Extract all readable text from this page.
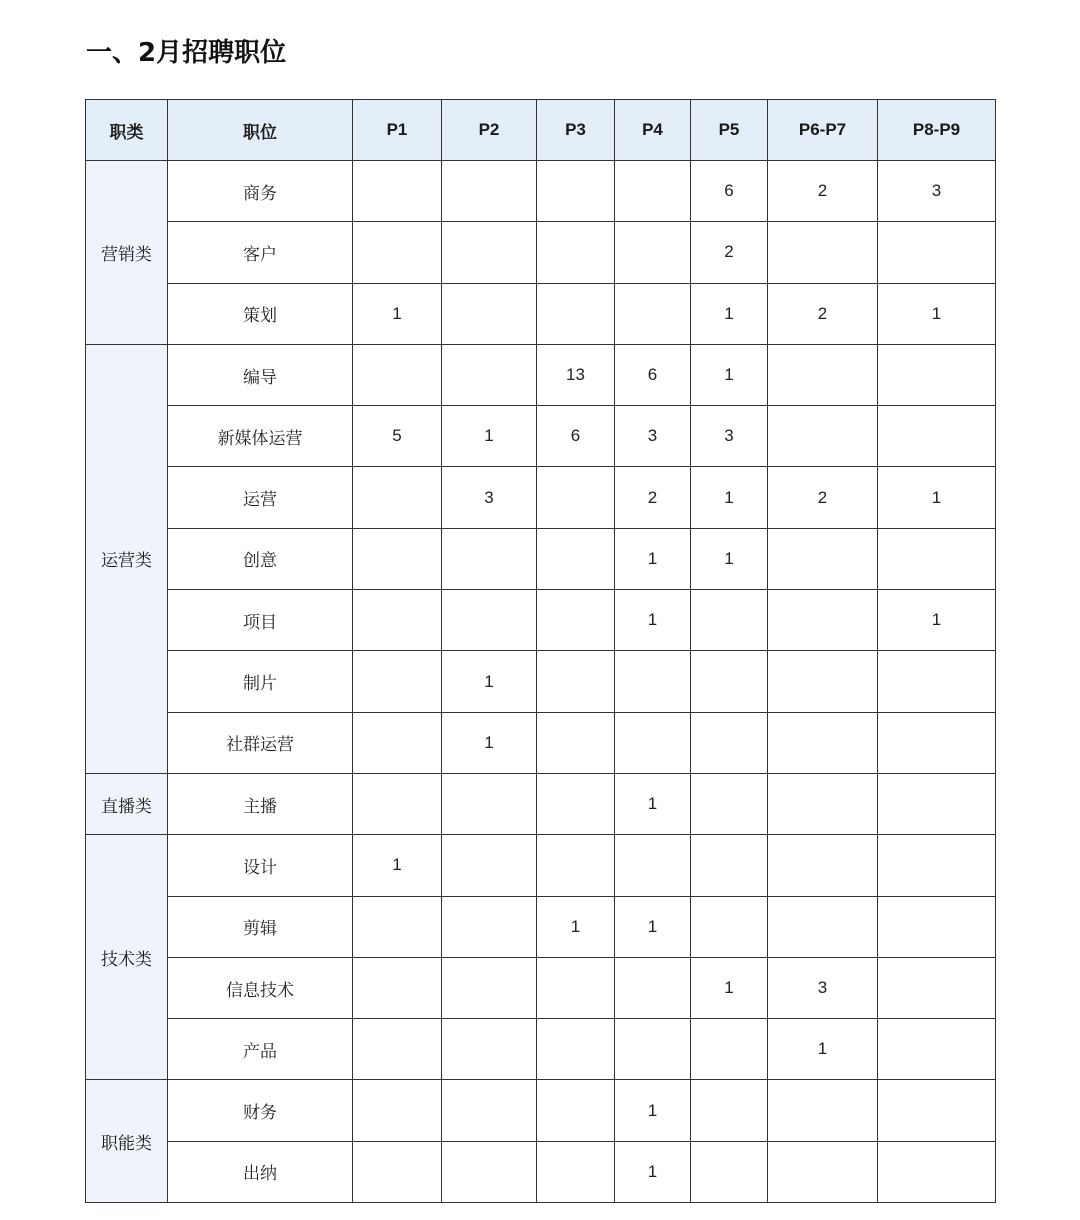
一、2月招聘职位
职类	职位	P1	P2	P3	P4	P5	P6-P7	P8-P9
营销类	商务					6	2	3
	客户					2		
	策划	1				1	2	1
运营类	编导			13	6	1		
	新媒体运营	5	1	6	3	3		
	运营		3		2	1	2	1
	创意				1	1		
	项目				1			1
	制片		1					
	社群运营		1					
直播类	主播				1			
技术类	设计	1						
	剪辑			1	1			
	信息技术					1	3	
	产品						1	
职能类	财务				1			
	出纳				1			
